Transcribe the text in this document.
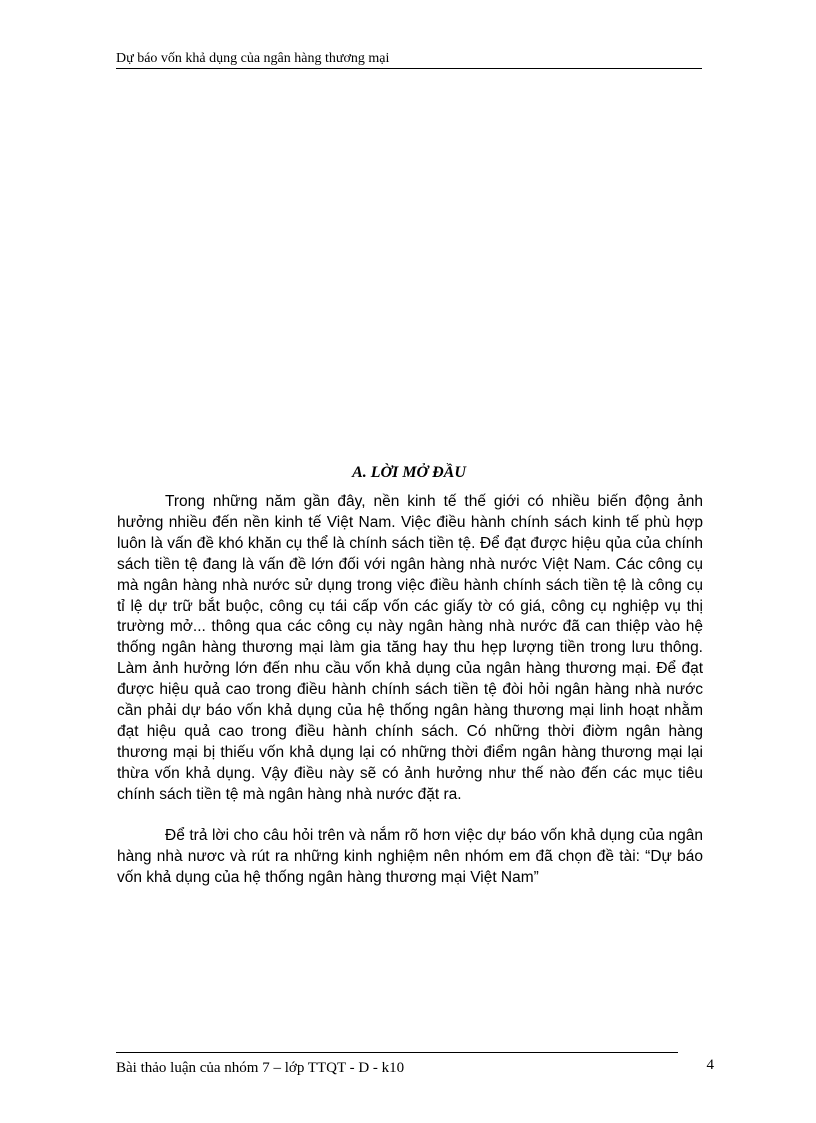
Dự báo vốn khả dụng của ngân hàng thương mại
A. LỜI MỞ ĐẦU

Trong những năm gần đây, nền kinh tế thế giới có nhiều biến động ảnh hưởng nhiều đến nền kinh tế Việt Nam. Việc điều hành chính sách kinh tế phù hợp luôn là vấn đề khó khăn cụ thể là chính sách tiền tệ. Để đạt được hiệu qủa của chính sách tiền tệ đang là vấn đề lớn đối với ngân hàng nhà nước Việt Nam. Các công cụ mà ngân hàng nhà nước sử dụng trong việc điều hành chính sách tiền tệ là công cụ tỉ lệ dự trữ bắt buộc, công cụ tái cấp vốn các giấy tờ có giá, công cụ nghiệp vụ thị trường mở... thông qua các công cụ này ngân hàng nhà nước đã can thiệp vào hệ thống ngân hàng thương mại làm gia tăng hay thu hẹp lượng tiền trong lưu thông. Làm ảnh hưởng lớn đến nhu cầu vốn khả dụng của ngân hàng thương mại. Để đạt được hiệu quả cao trong điều hành chính sách tiền tệ đòi hỏi ngân hàng nhà nước cần phải dự báo vốn khả dụng của hệ thống ngân hàng thương mại linh hoạt nhằm đạt hiệu quả cao trong điều hành chính sách. Có những thời điờm ngân hàng thương mại bị thiếu vốn khả dụng lại có những thời điểm ngân hàng thương mại lại thừa vốn khả dụng. Vậy điều này sẽ có ảnh hưởng như thế nào đến các mục tiêu chính sách tiền tệ mà ngân hàng nhà nước đặt ra.

Để trả lời cho câu hỏi trên và nắm rõ hơn việc dự báo vốn khả dụng của ngân hàng nhà nươc và rút ra những kinh nghiệm nên nhóm em đã chọn đề tài: “Dự báo vốn khả dụng của hệ thống ngân hàng thương mại Việt Nam”

Bài thảo luận của nhóm 7 – lớp TTQT - D - k10	4
